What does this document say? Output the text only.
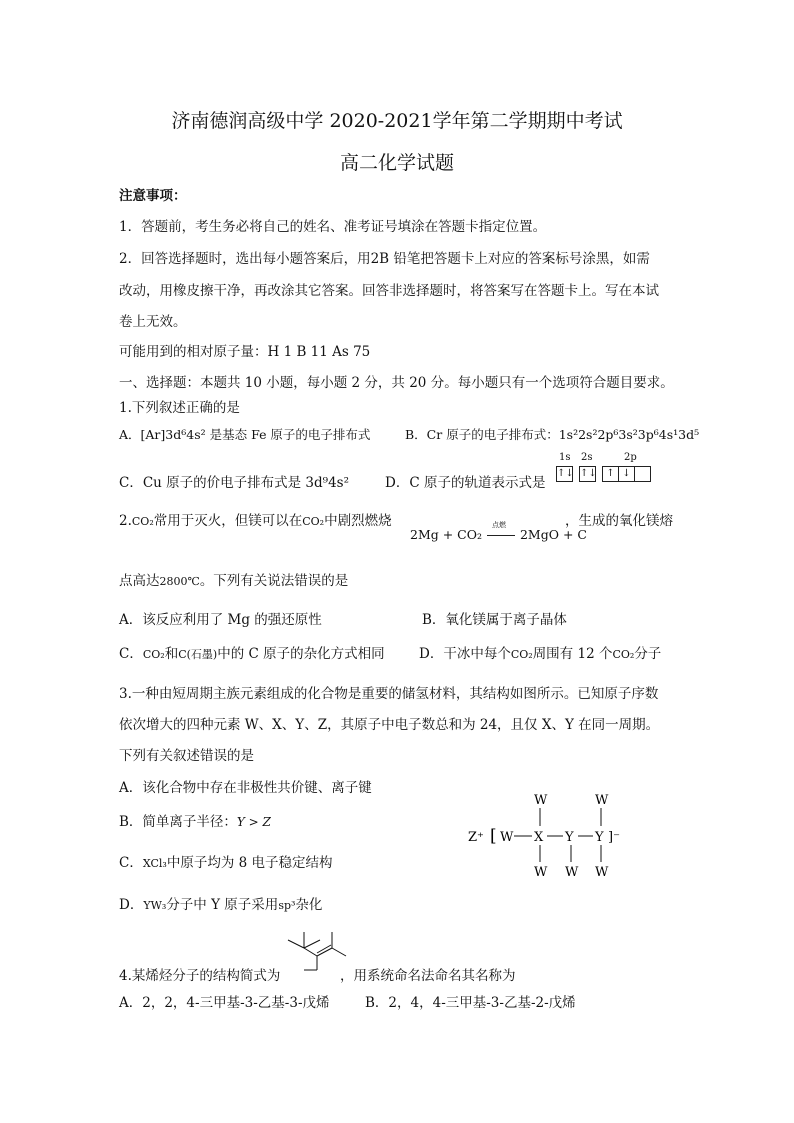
济南德润高级中学 2020-2021学年第二学期期中考试
高二化学试题
注意事项：
1．答题前，考生务必将自己的姓名、准考证号填涂在答题卡指定位置。
2．回答选择题时，选出每小题答案后，用2B 铅笔把答题卡上对应的答案标号涂黑，如需
改动，用橡皮擦干净，再改涂其它答案。回答非选择题时，将答案写在答题卡上。写在本试
卷上无效。
可能用到的相对原子量：H 1 B 11 As 75
一、选择题：本题共 10 小题，每小题 2 分，共 20 分。每小题只有一个选项符合题目要求。
1.下列叙述正确的是
A．[Ar]3d⁶4s² 是基态 Fe 原子的电子排布式	B．Cr 原子的电子排布式：1s²2s²2p⁶3s²3p⁶4s¹3d⁵
C．Cu 原子的价电子排布式是 3d⁹4s²	D．C 原子的轨道表示式是
1s 2s	2p
↑↓ ↑↓ ↑ ↓
2.CO₂常用于灭火，但镁可以在CO₂中剧烈燃烧
2Mg + CO₂
点燃
2MgO + C
，生成的氧化镁熔
点高达2800℃。下列有关说法错误的是
A．该反应利用了 Mg 的强还原性	B．氧化镁属于离子晶体
C．CO₂和C(石墨)中的 C 原子的杂化方式相同	D．干冰中每个CO₂周围有 12 个CO₂分子
3.一种由短周期主族元素组成的化合物是重要的储氢材料，其结构如图所示。已知原子序数
依次增大的四种元素 W、X、Y、Z，其原子中电子数总和为 24，且仅 X、Y 在同一周期。
下列有关叙述错误的是
A．该化合物中存在非极性共价键、离子键
B．简单离子半径：Y > Z
C．XCl₃中原子均为 8 电子稳定结构
D．YW₃分子中 Y 原子采用sp³杂化
Z⁺ [ W X Y Y ]⁻
W	W
W W W
4.某烯烃分子的结构简式为	，用系统命名法命名其名称为
A．2，2，4-三甲基-3-乙基-3-戊烯	B．2，4，4-三甲基-3-乙基-2-戊烯
